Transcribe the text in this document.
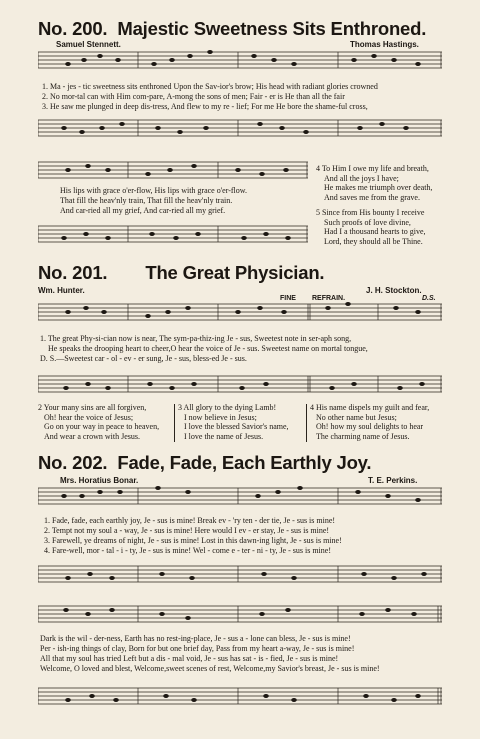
No. 200. Majestic Sweetness Sits Enthroned.
Samuel Stennett.	Thomas Hastings.
1. Ma - jes - tic sweetness sits enthroned Upon the Sav-ior's brow; His head with radiant glories crowned
2. No mor-tal can with Him com-pare, A-mong the sons of men; Fair - er is He than all the fair
3. He saw me plunged in deep dis-tress, And flew to my re - lief; For me He bore the shame-ful cross,
His lips with grace o'er-flow, His lips with grace o'er-flow.
That fill the heav'nly train, That fill the heav'nly train.
And car-ried all my grief, And car-ried all my grief.
4 To Him I owe my life and breath,
And all the joys I have;
He makes me triumph over death,
And saves me from the grave.
5 Since from His bounty I receive
Such proofs of love divine,
Had I a thousand hearts to give,
Lord, they should all be Thine.
No. 201. The Great Physician.
Wm. Hunter.	J. H. Stockton.
FINE REFRAIN.	D.S.
1. The great Phy-si-cian now is near, The sym-pa-thiz-ing Je - sus, Sweetest note in ser-aph song,
He speaks the drooping heart to cheer,O hear the voice of Je - sus. Sweetest name on mortal tongue,
D. S.—Sweetest car - ol - ev - er sung, Je - sus, bless-ed Je - sus.
2 Your many sins are all forgiven,
Oh! hear the voice of Jesus;
Go on your way in peace to heaven,
And wear a crown with Jesus.
3 All glory to the dying Lamb!
I now believe in Jesus;
I love the blessed Savior's name,
I love the name of Jesus.
4 His name dispels my guilt and fear,
No other name but Jesus;
Oh! how my soul delights to hear
The charming name of Jesus.
No. 202. Fade, Fade, Each Earthly Joy.
Mrs. Horatius Bonar.	T. E. Perkins.
1. Fade, fade, each earthly joy, Je - sus is mine! Break ev - 'ry ten - der tie, Je - sus is mine!
2. Tempt not my soul a - way, Je - sus is mine! Here would I ev - er stay, Je - sus is mine!
3. Farewell, ye dreams of night, Je - sus is mine! Lost in this dawn-ing light, Je - sus is mine!
4. Fare-well, mor - tal - i - ty, Je - sus is mine! Wel - come e - ter - ni - ty, Je - sus is mine!
Dark is the wil - der-ness, Earth has no rest-ing-place, Je - sus a - lone can bless, Je - sus is mine!
Per - ish-ing things of clay, Born for but one brief day, Pass from my heart a-way, Je - sus is mine!
All that my soul has tried Left but a dis - mal void, Je - sus has sat - is - fied, Je - sus is mine!
Welcome, O loved and blest, Welcome,sweet scenes of rest, Welcome,my Savior's breast, Je - sus is mine!
